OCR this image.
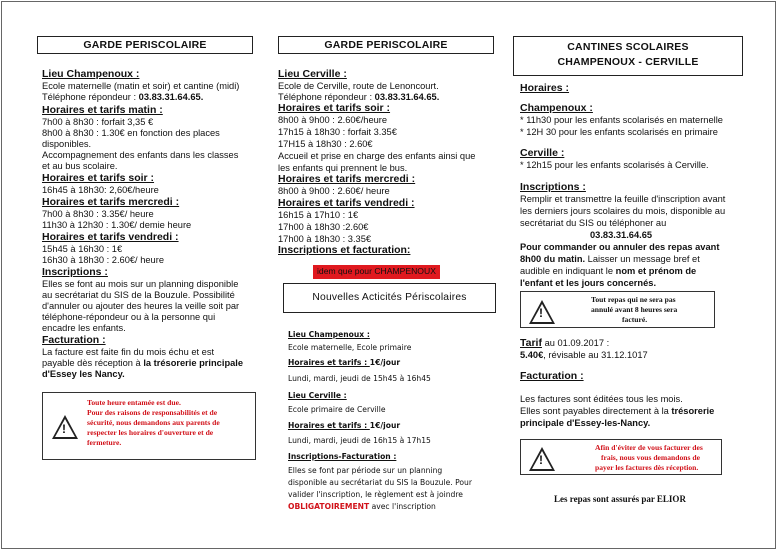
GARDE PERISCOLAIRE
Lieu Champenoux :
Ecole maternelle (matin et soir) et cantine (midi)
Téléphone répondeur : 03.83.31.64.65.
Horaires et tarifs matin :
7h00 à 8h30 : forfait 3,35 €
8h00 à 8h30 : 1.30€ en fonction des places
disponibles.
Accompagnement des enfants dans les classes
et au bus scolaire.
Horaires et tarifs soir :
16h45 à 18h30: 2,60€/heure
Horaires et tarifs mercredi :
7h00 à 8h30 : 3.35€/ heure
11h30 à 12h30 : 1.30€/ demie heure
Horaires et tarifs vendredi :
15h45 à 16h30 : 1€
16h30 à 18h30 : 2.60€/ heure
Inscriptions :
Elles se font au mois sur un planning disponible
au secrétariat du SIS de la Bouzule. Possibilité
d'annuler ou ajouter des heures la veille soit par
téléphone-répondeur ou à la personne qui
encadre les enfants.
Facturation :
La facture est faite fin du mois échu et est
payable dès réception à la trésorerie principale
d'Essey les Nancy.
!
Toute heure entamée est due.
Pour des raisons de responsabilités et de
sécurité, nous demandons aux parents de
respecter les horaires d'ouverture et de
fermeture.
GARDE PERISCOLAIRE
Lieu Cerville :
Ecole de Cerville, route de Lenoncourt.
Téléphone répondeur : 03.83.31.64.65.
Horaires et tarifs soir :
8h00 à 9h00 : 2.60€/heure
17h15 à 18h30 : forfait 3.35€
17H15 à 18h30 : 2.60€
Accueil et prise en charge des enfants ainsi que
les enfants qui prennent le bus.
Horaires et tarifs mercredi :
8h00 à 9h00 : 2.60€/ heure
Horaires et tarifs vendredi :
16h15 à 17h10 : 1€
17h00 à 18h30 :2.60€
17h00 à 18h30 : 3.35€
Inscriptions et facturation:
idem que pour CHAMPENOUX
Nouvelles Acticités Périscolaires
Lieu Champenoux :
Ecole maternelle, Ecole primaire
Horaires et tarifs : 1€/jour
Lundi, mardi, jeudi de 15h45 à 16h45
Lieu Cerville :
Ecole primaire de Cerville
Horaires et tarifs : 1€/jour
Lundi, mardi, jeudi de 16h15 à 17h15
Inscriptions-Facturation :
Elles se font par période sur un planning
disponible au secrétariat du SIS la Bouzule. Pour
valider l'inscription, le règlement est à joindre
OBLIGATOIREMENT avec l'inscription
CANTINES SCOLAIRES
CHAMPENOUX - CERVILLE
Horaires :
Champenoux :
* 11h30 pour les enfants scolarisés en maternelle
* 12H 30 pour les enfants scolarisés en primaire
Cerville :
* 12h15 pour les enfants scolarisés à Cerville.
Inscriptions :
Remplir et transmettre la feuille d'inscription avant
les derniers jours scolaires du mois, disponible au
secrétariat du SIS ou téléphoner au
03.83.31.64.65
Pour commander ou annuler des repas avant
8h00 du matin. Laisser un message bref et
audible en indiquant le nom et prénom de
l'enfant et les jours concernés.
!
Tout repas qui ne sera pas
annulé avant 8 heures sera
facturé.
Tarif au 01.09.2017 :
5.40€, révisable au 31.12.1017
Facturation :
Les factures sont éditées tous les mois.
Elles sont payables directement à la trésorerie
principale d'Essey-les-Nancy.
!
Afin d'éviter de vous facturer des
frais, nous vous demandons de
payer les factures dès réception.
Les repas sont assurés par ELIOR
